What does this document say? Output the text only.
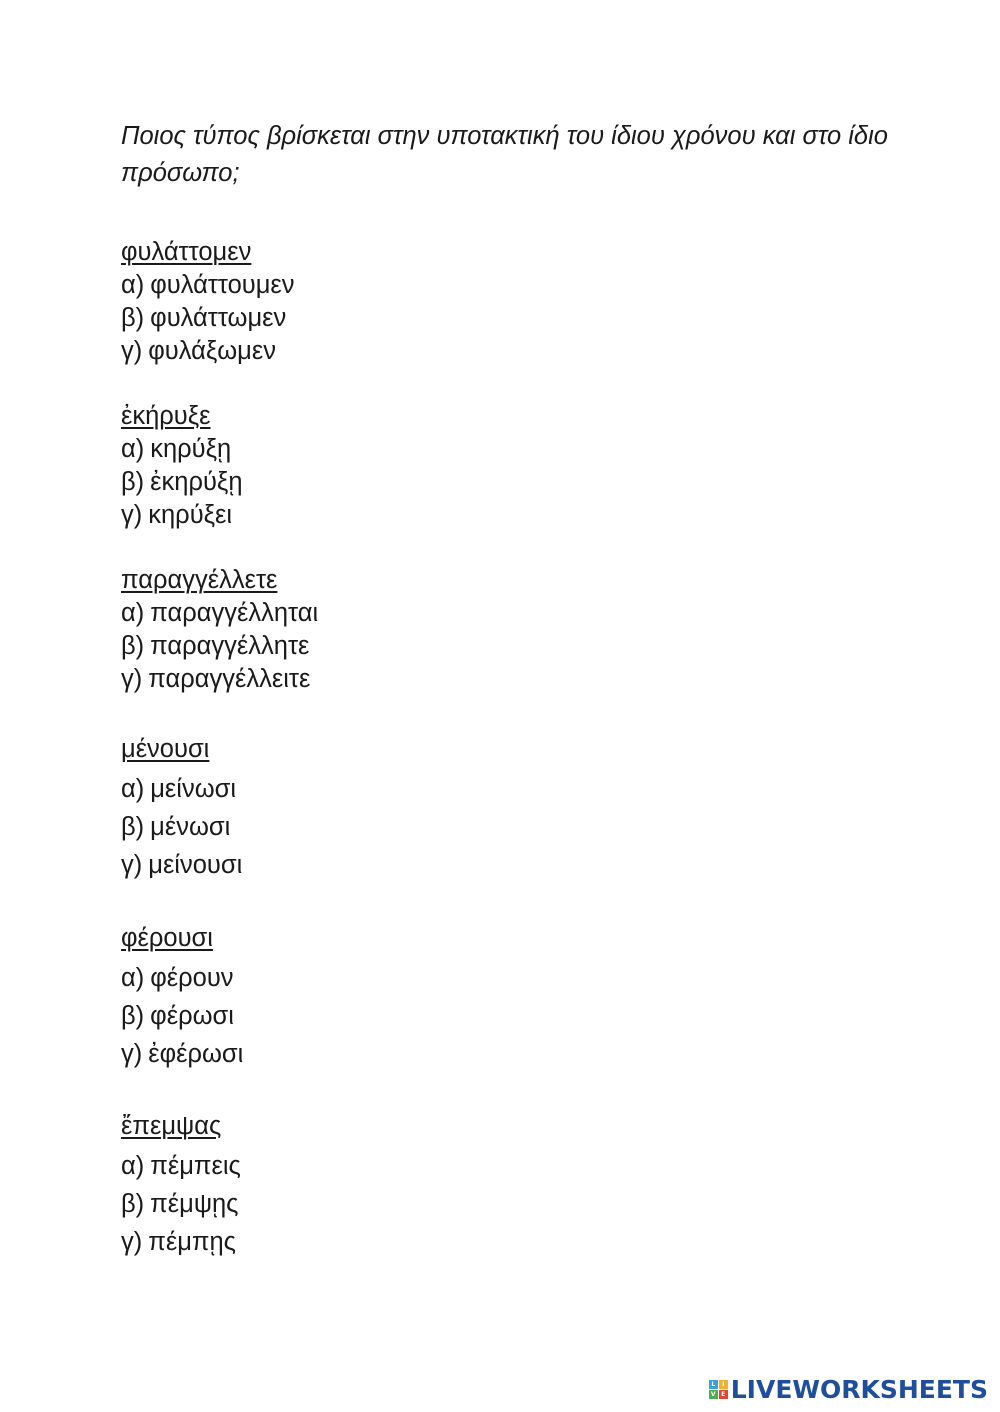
Ποιος τύπος βρίσκεται στην υποτακτική του ίδιου χρόνου και στο ίδιο πρόσωπο;

φυλάττομεν
α) φυλάττουμεν
β) φυλάττωμεν
γ) φυλάξωμεν
ἐκήρυξε
α) κηρύξῃ
β) ἐκηρύξῃ
γ) κηρύξει
παραγγέλλετε
α) παραγγέλληται
β) παραγγέλλητε
γ) παραγγέλλειτε
μένουσι
α) μείνωσι
β) μένωσι
γ) μείνουσι
φέρουσι
α) φέρουν
β) φέρωσι
γ) ἐφέρωσι
ἔπεμψας
α) πέμπεις
β) πέμψῃς
γ) πέμπῃς
L	I
V E LIVEWORKSHEETS
